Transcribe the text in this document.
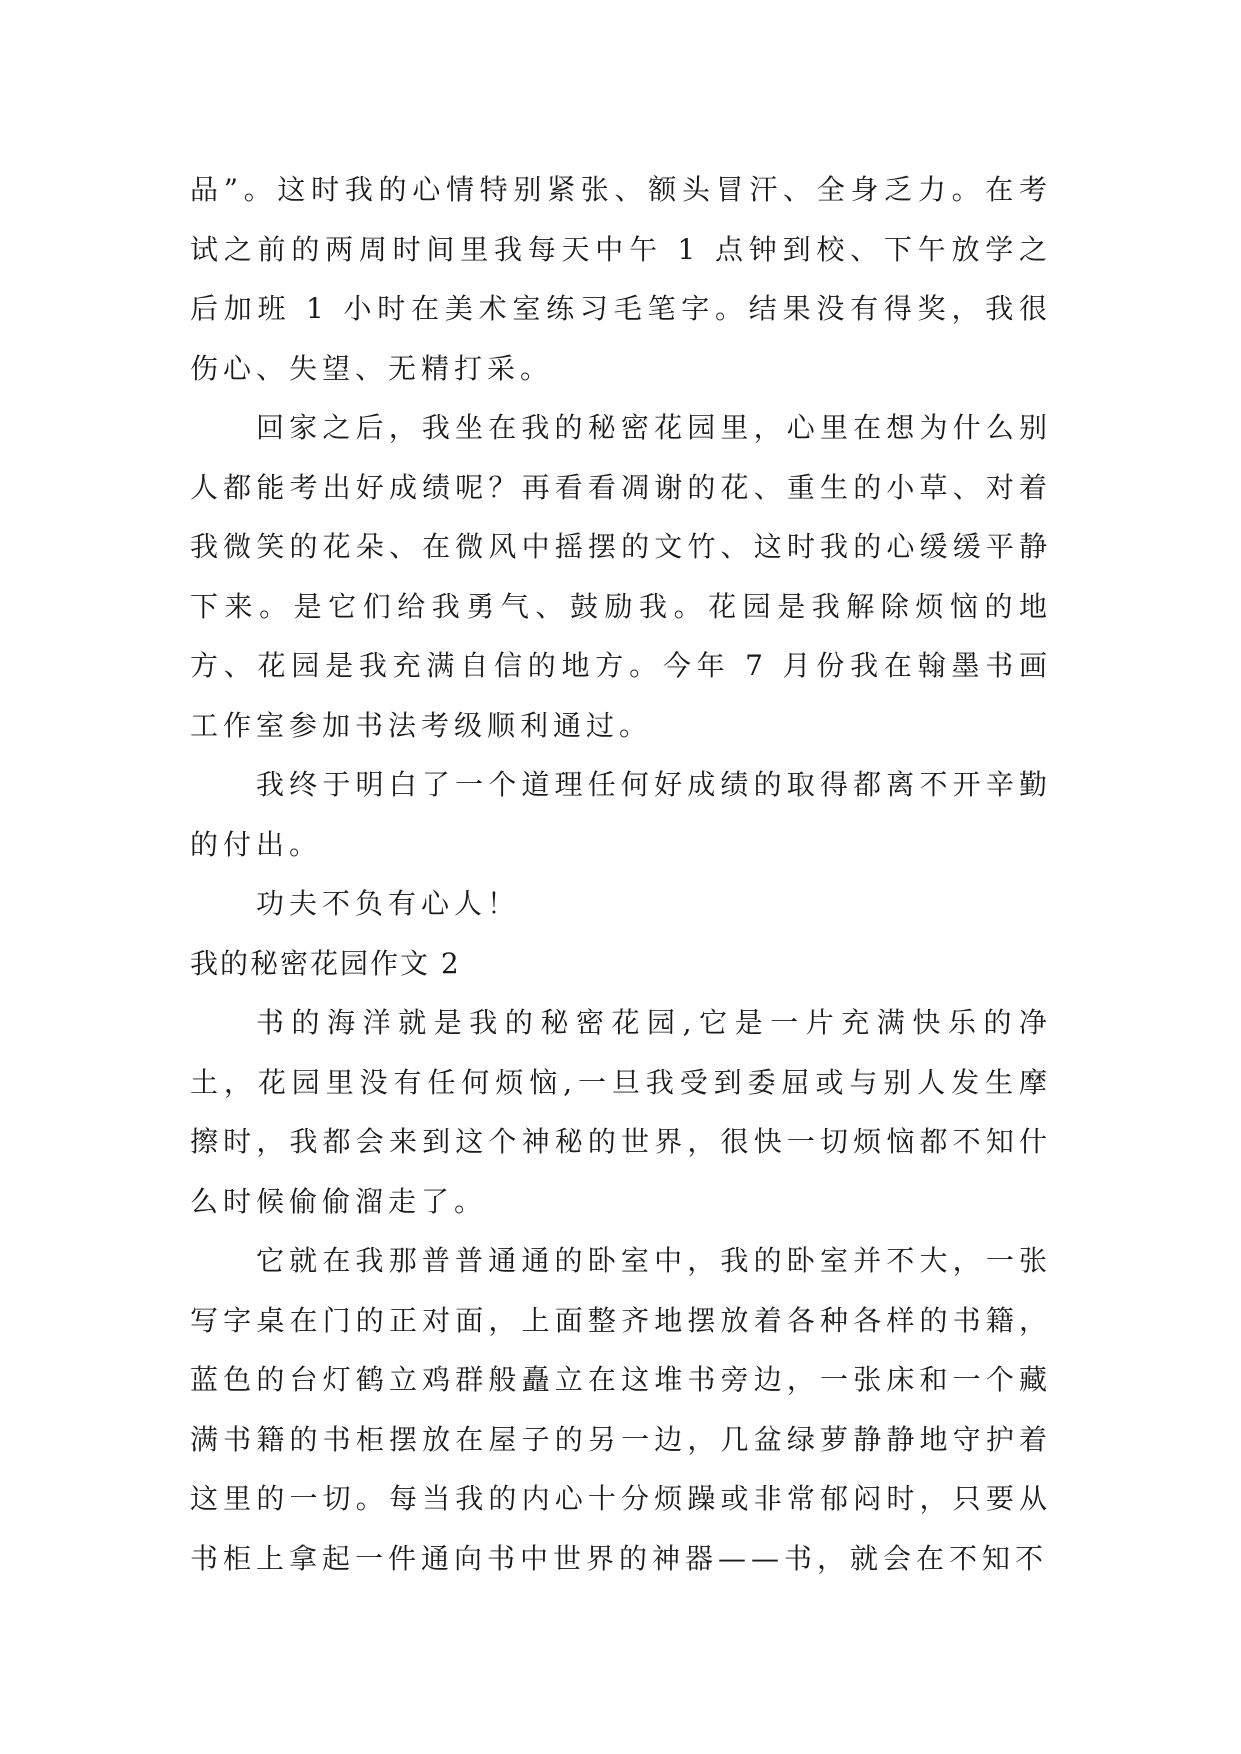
品”。这时我的心情特别紧张、额头冒汗、全身乏力。在考试之前的两周时间里我每天中午 1 点钟到校、下午放学之后加班 1 小时在美术室练习毛笔字。结果没有得奖，我很伤心、失望、无精打采。

回家之后，我坐在我的秘密花园里，心里在想为什么别人都能考出好成绩呢？再看看凋谢的花、重生的小草、对着我微笑的花朵、在微风中摇摆的文竹、这时我的心缓缓平静下来。是它们给我勇气、鼓励我。花园是我解除烦恼的地方、花园是我充满自信的地方。今年 7 月份我在翰墨书画工作室参加书法考级顺利通过。

我终于明白了一个道理任何好成绩的取得都离不开辛勤的付出。

功夫不负有心人！

我的秘密花园作文 2

书的海洋就是我的秘密花园,它是一片充满快乐的净土，花园里没有任何烦恼,一旦我受到委屈或与别人发生摩擦时，我都会来到这个神秘的世界，很快一切烦恼都不知什么时候偷偷溜走了。

它就在我那普普通通的卧室中，我的卧室并不大，一张写字桌在门的正对面，上面整齐地摆放着各种各样的书籍，蓝色的台灯鹤立鸡群般矗立在这堆书旁边，一张床和一个藏满书籍的书柜摆放在屋子的另一边，几盆绿萝静静地守护着这里的一切。每当我的内心十分烦躁或非常郁闷时，只要从书柜上拿起一件通向书中世界的神器——书，就会在不知不
